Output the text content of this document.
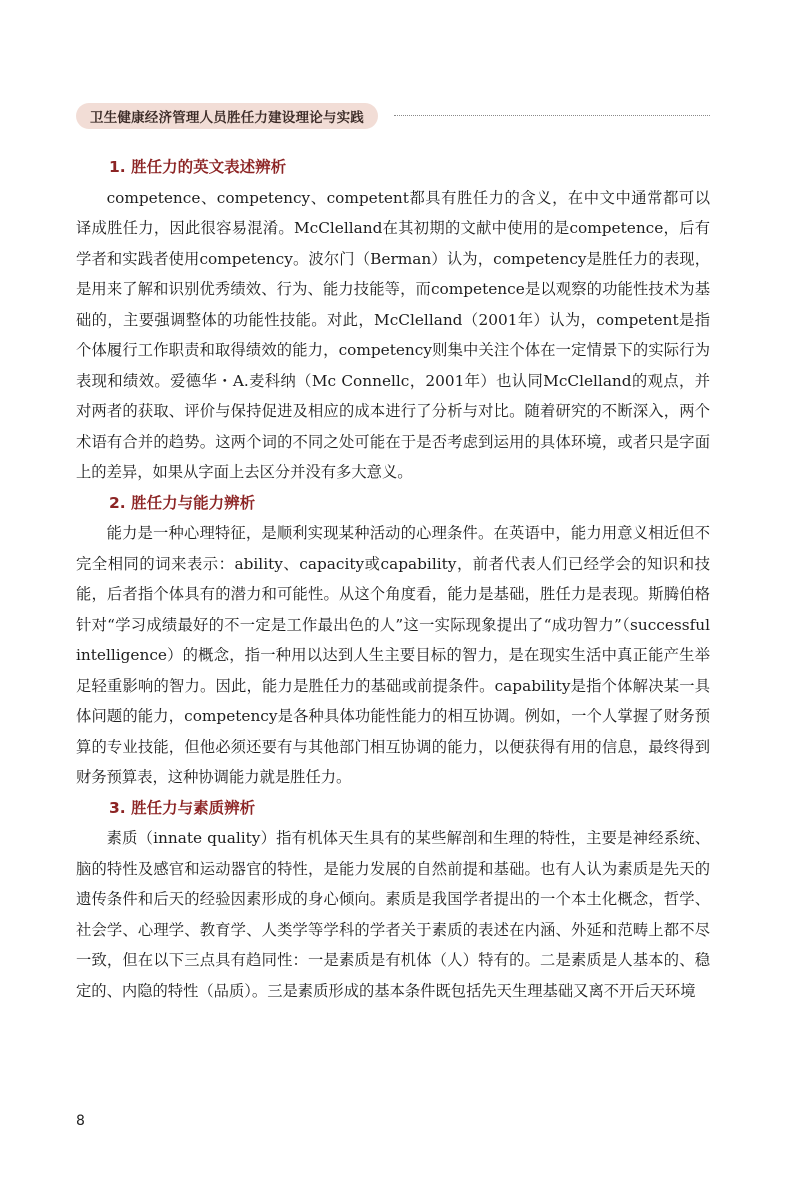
卫生健康经济管理人员胜任力建设理论与实践
1. 胜任力的英文表述辨析

competence、competency、competent都具有胜任力的含义，在中文中通常都可以译成胜任力，因此很容易混淆。McClelland在其初期的文献中使用的是competence，后有学者和实践者使用competency。波尔门（Berman）认为，competency是胜任力的表现，是用来了解和识别优秀绩效、行为、能力技能等，而competence是以观察的功能性技术为基础的，主要强调整体的功能性技能。对此，McClelland（2001年）认为，competent是指个体履行工作职责和取得绩效的能力，competency则集中关注个体在一定情景下的实际行为表现和绩效。爱德华・A.麦科纳（Mc Connellc，2001年）也认同McClelland的观点，并对两者的获取、评价与保持促进及相应的成本进行了分析与对比。随着研究的不断深入，两个术语有合并的趋势。这两个词的不同之处可能在于是否考虑到运用的具体环境，或者只是字面上的差异，如果从字面上去区分并没有多大意义。

2. 胜任力与能力辨析

能力是一种心理特征，是顺利实现某种活动的心理条件。在英语中，能力用意义相近但不完全相同的词来表示：ability、capacity或capability，前者代表人们已经学会的知识和技能，后者指个体具有的潜力和可能性。从这个角度看，能力是基础，胜任力是表现。斯腾伯格针对“学习成绩最好的不一定是工作最出色的人”这一实际现象提出了“成功智力”（successful intelligence）的概念，指一种用以达到人生主要目标的智力，是在现实生活中真正能产生举足轻重影响的智力。因此，能力是胜任力的基础或前提条件。capability是指个体解决某一具体问题的能力，competency是各种具体功能性能力的相互协调。例如，一个人掌握了财务预算的专业技能，但他必须还要有与其他部门相互协调的能力，以便获得有用的信息，最终得到财务预算表，这种协调能力就是胜任力。

3. 胜任力与素质辨析

素质（innate quality）指有机体天生具有的某些解剖和生理的特性，主要是神经系统、脑的特性及感官和运动器官的特性，是能力发展的自然前提和基础。也有人认为素质是先天的遗传条件和后天的经验因素形成的身心倾向。素质是我国学者提出的一个本土化概念，哲学、社会学、心理学、教育学、人类学等学科的学者关于素质的表述在内涵、外延和范畴上都不尽一致，但在以下三点具有趋同性：一是素质是有机体（人）特有的。二是素质是人基本的、稳定的、内隐的特性（品质）。三是素质形成的基本条件既包括先天生理基础又离不开后天环境

8
